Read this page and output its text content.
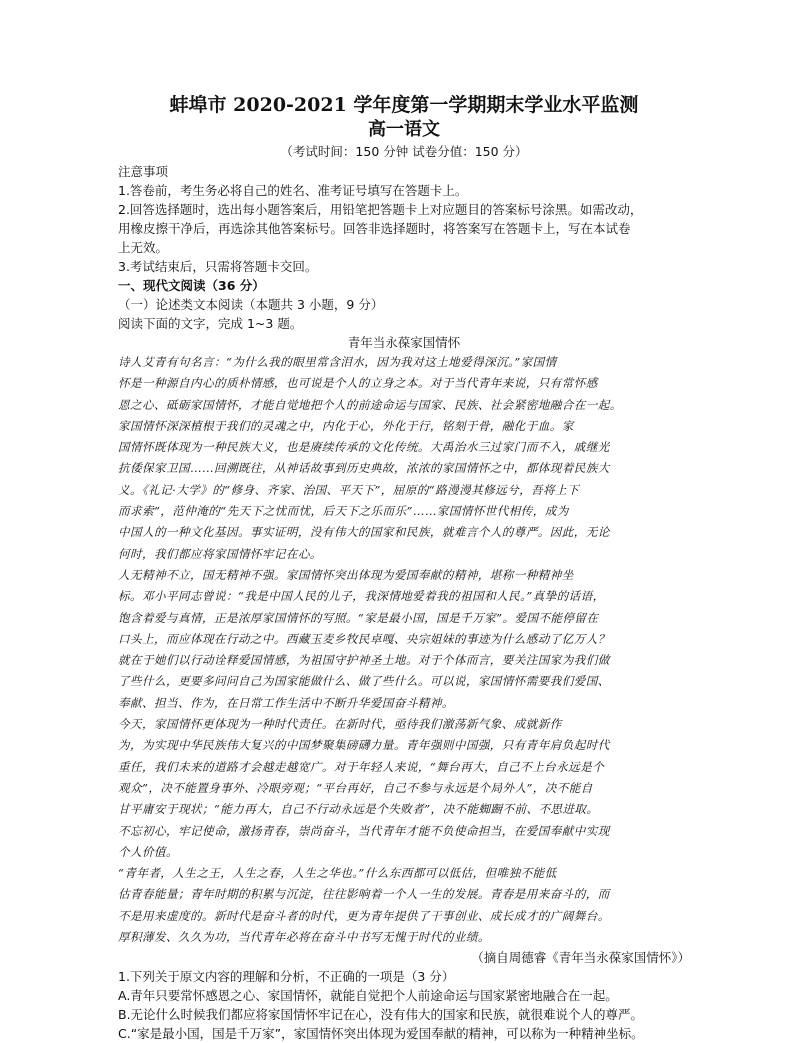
蚌埠市 2020-2021 学年度第一学期期末学业水平监测

高一语文

（考试时间：150 分钟 试卷分值：150 分）

注意事项

1.答卷前，考生务必将自己的姓名、准考证号填写在答题卡上。

2.回答选择题时，选出每小题答案后，用铅笔把答题卡上对应题目的答案标号涂黑。如需改动，

用橡皮擦干净后，再选涂其他答案标号。回答非选择题时，将答案写在答题卡上，写在本试卷

上无效。

3.考试结束后，只需将答题卡交回。

一、现代文阅读（36 分）

（一）论述类文本阅读（本题共 3 小题，9 分）

阅读下面的文字，完成 1~3 题。

青年当永葆家国情怀

诗人艾青有句名言：“为什么我的眼里常含泪水，因为我对这土地爱得深沉。”家国情

怀是一种源自内心的质朴情感，也可说是个人的立身之本。对于当代青年来说，只有常怀感

恩之心、砥砺家国情怀，才能自觉地把个人的前途命运与国家、民族、社会紧密地融合在一起。

家国情怀深深植根于我们的灵魂之中，内化于心，外化于行，铭刻于骨，融化于血。家

国情怀既体现为一种民族大义，也是赓续传承的文化传统。大禹治水三过家门而不入，戚继光

抗倭保家卫国……回溯既往，从神话故事到历史典故，浓浓的家国情怀之中，都体现着民族大

义。《礼记·大学》的“修身、齐家、治国、平天下”，屈原的“路漫漫其修远兮，吾将上下

而求索”，范仲淹的“先天下之忧而忧，后天下之乐而乐”……家国情怀世代相传，成为

中国人的一种文化基因。事实证明，没有伟大的国家和民族，就难言个人的尊严。因此，无论

何时，我们都应将家国情怀牢记在心。

人无精神不立，国无精神不强。家国情怀突出体现为爱国奉献的精神，堪称一种精神坐

标。邓小平同志曾说：“我是中国人民的儿子，我深情地爱着我的祖国和人民。”真挚的话语，

饱含着爱与真情，正是浓厚家国情怀的写照。“家是最小国，国是千万家”。爱国不能停留在

口头上，而应体现在行动之中。西藏玉麦乡牧民卓嘎、央宗姐妹的事迹为什么感动了亿万人？

就在于她们以行动诠释爱国情感，为祖国守护神圣土地。对于个体而言，要关注国家为我们做

了些什么，更要多问问自己为国家能做什么、做了些什么。可以说，家国情怀需要我们爱国、

奉献、担当、作为，在日常工作生活中不断升华爱国奋斗精神。

今天，家国情怀更体现为一种时代责任。在新时代，亟待我们激荡新气象、成就新作

为，为实现中华民族伟大复兴的中国梦聚集磅礴力量。青年强则中国强，只有青年肩负起时代

重任，我们未来的道路才会越走越宽广。对于年轻人来说，“舞台再大，自己不上台永远是个

观众”，决不能置身事外、冷眼旁观；“平台再好，自己不参与永远是个局外人”，决不能自

甘平庸安于现状；“能力再大，自己不行动永远是个失败者”，决不能蜘蹰不前、不思进取。

不忘初心，牢记使命，激扬青春，崇尚奋斗，当代青年才能不负使命担当，在爱国奉献中实现

个人价值。

“青年者，人生之王，人生之春，人生之华也。”什么东西都可以低估，但唯独不能低

估青春能量；青年时期的积累与沉淀，往往影响着一个人一生的发展。青春是用来奋斗的，而

不是用来虚度的。新时代是奋斗者的时代，更为青年提供了干事创业、成长成才的广阔舞台。

厚积薄发、久久为功，当代青年必将在奋斗中书写无愧于时代的业绩。

（摘自周德睿《青年当永葆家国情怀》）

1.下列关于原文内容的理解和分析，不正确的一项是（3 分）

A.青年只要常怀感恩之心、家国情怀，就能自觉把个人前途命运与国家紧密地融合在一起。

B.无论什么时候我们都应将家国情怀牢记在心，没有伟大的国家和民族，就很难说个人的尊严。

C.“家是最小国，国是千万家”，家国情怀突出体现为爱国奉献的精神，可以称为一种精神坐标。
